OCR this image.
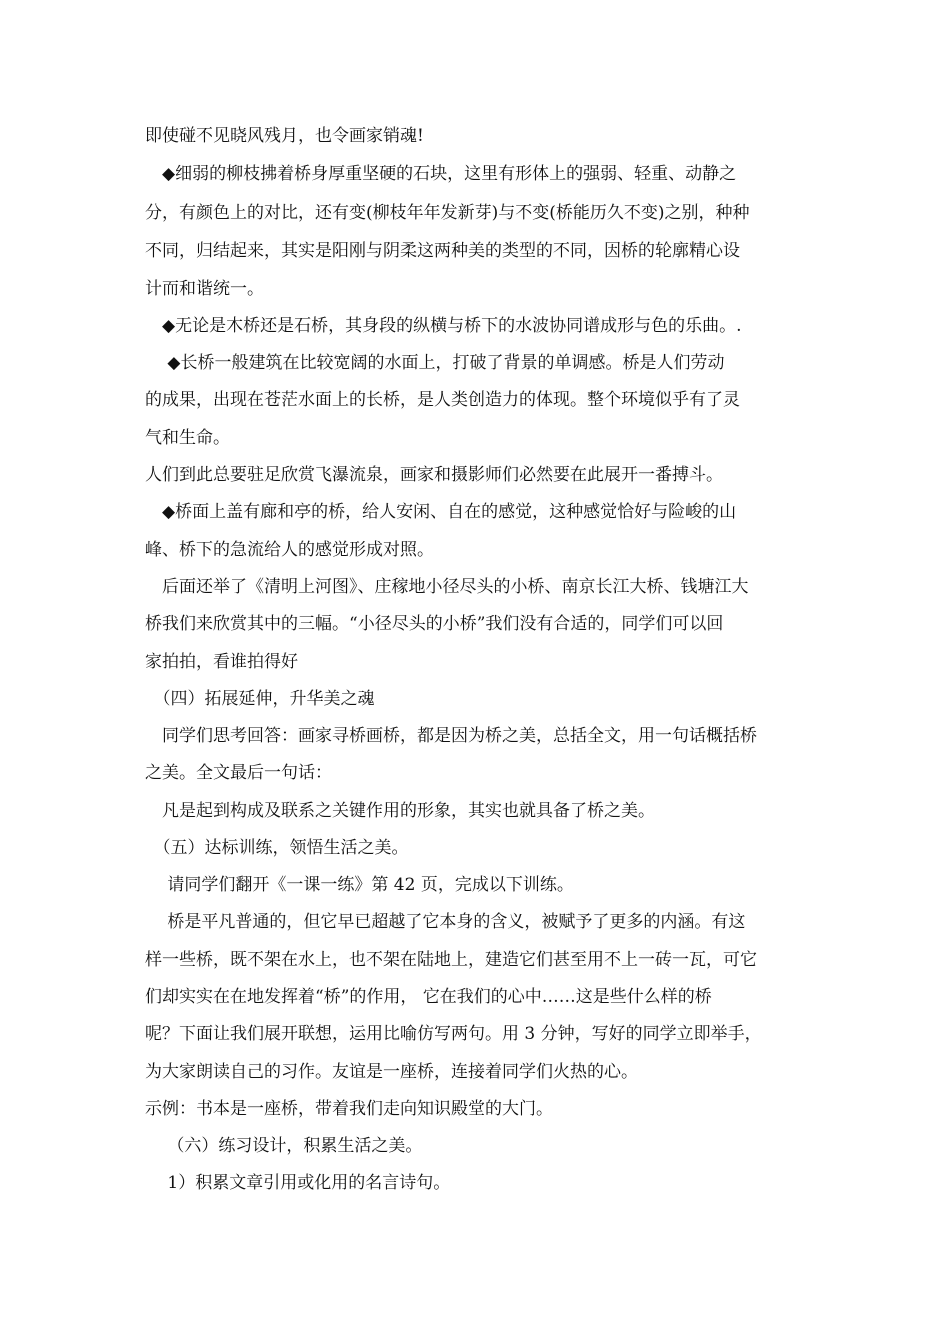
即使碰不见晓风残月，也令画家销魂!
　◆细弱的柳枝拂着桥身厚重坚硬的石块，这里有形体上的强弱、轻重、动静之
分，有颜色上的对比，还有变(柳枝年年发新芽)与不变(桥能历久不变)之别，种种
不同，归结起来，其实是阳刚与阴柔这两种美的类型的不同，因桥的轮廓精心设
计而和谐统一。
　◆无论是木桥还是石桥，其身段的纵横与桥下的水波协同谱成形与色的乐曲。.
　 ◆长桥一般建筑在比较宽阔的水面上，打破了背景的单调感。桥是人们劳动
的成果，出现在苍茫水面上的长桥，是人类创造力的体现。整个环境似乎有了灵
气和生命。
人们到此总要驻足欣赏飞瀑流泉，画家和摄影师们必然要在此展开一番搏斗。
　◆桥面上盖有廊和亭的桥，给人安闲、自在的感觉，这种感觉恰好与险峻的山
峰、桥下的急流给人的感觉形成对照。
　后面还举了《清明上河图》、庄稼地小径尽头的小桥、南京长江大桥、钱塘江大
桥我们来欣赏其中的三幅。“小径尽头的小桥”我们没有合适的，同学们可以回
家拍拍，看谁拍得好
　（四）拓展延伸，升华美之魂
　同学们思考回答：画家寻桥画桥，都是因为桥之美，总括全文，用一句话概括桥
之美。全文最后一句话：
　凡是起到构成及联系之关键作用的形象，其实也就具备了桥之美。
　（五）达标训练，领悟生活之美。
　 请同学们翻开《一课一练》第 42 页，完成以下训练。
　 桥是平凡普通的，但它早已超越了它本身的含义，被赋予了更多的内涵。有这
样一些桥，既不架在水上，也不架在陆地上，建造它们甚至用不上一砖一瓦，可它
们却实实在在地发挥着“桥”的作用， 它在我们的心中……这是些什么样的桥
呢？下面让我们展开联想，运用比喻仿写两句。用 3 分钟，写好的同学立即举手，
为大家朗读自己的习作。友谊是一座桥，连接着同学们火热的心。
示例：书本是一座桥，带着我们走向知识殿堂的大门。
　 （六）练习设计，积累生活之美。
　 1）积累文章引用或化用的名言诗句。
